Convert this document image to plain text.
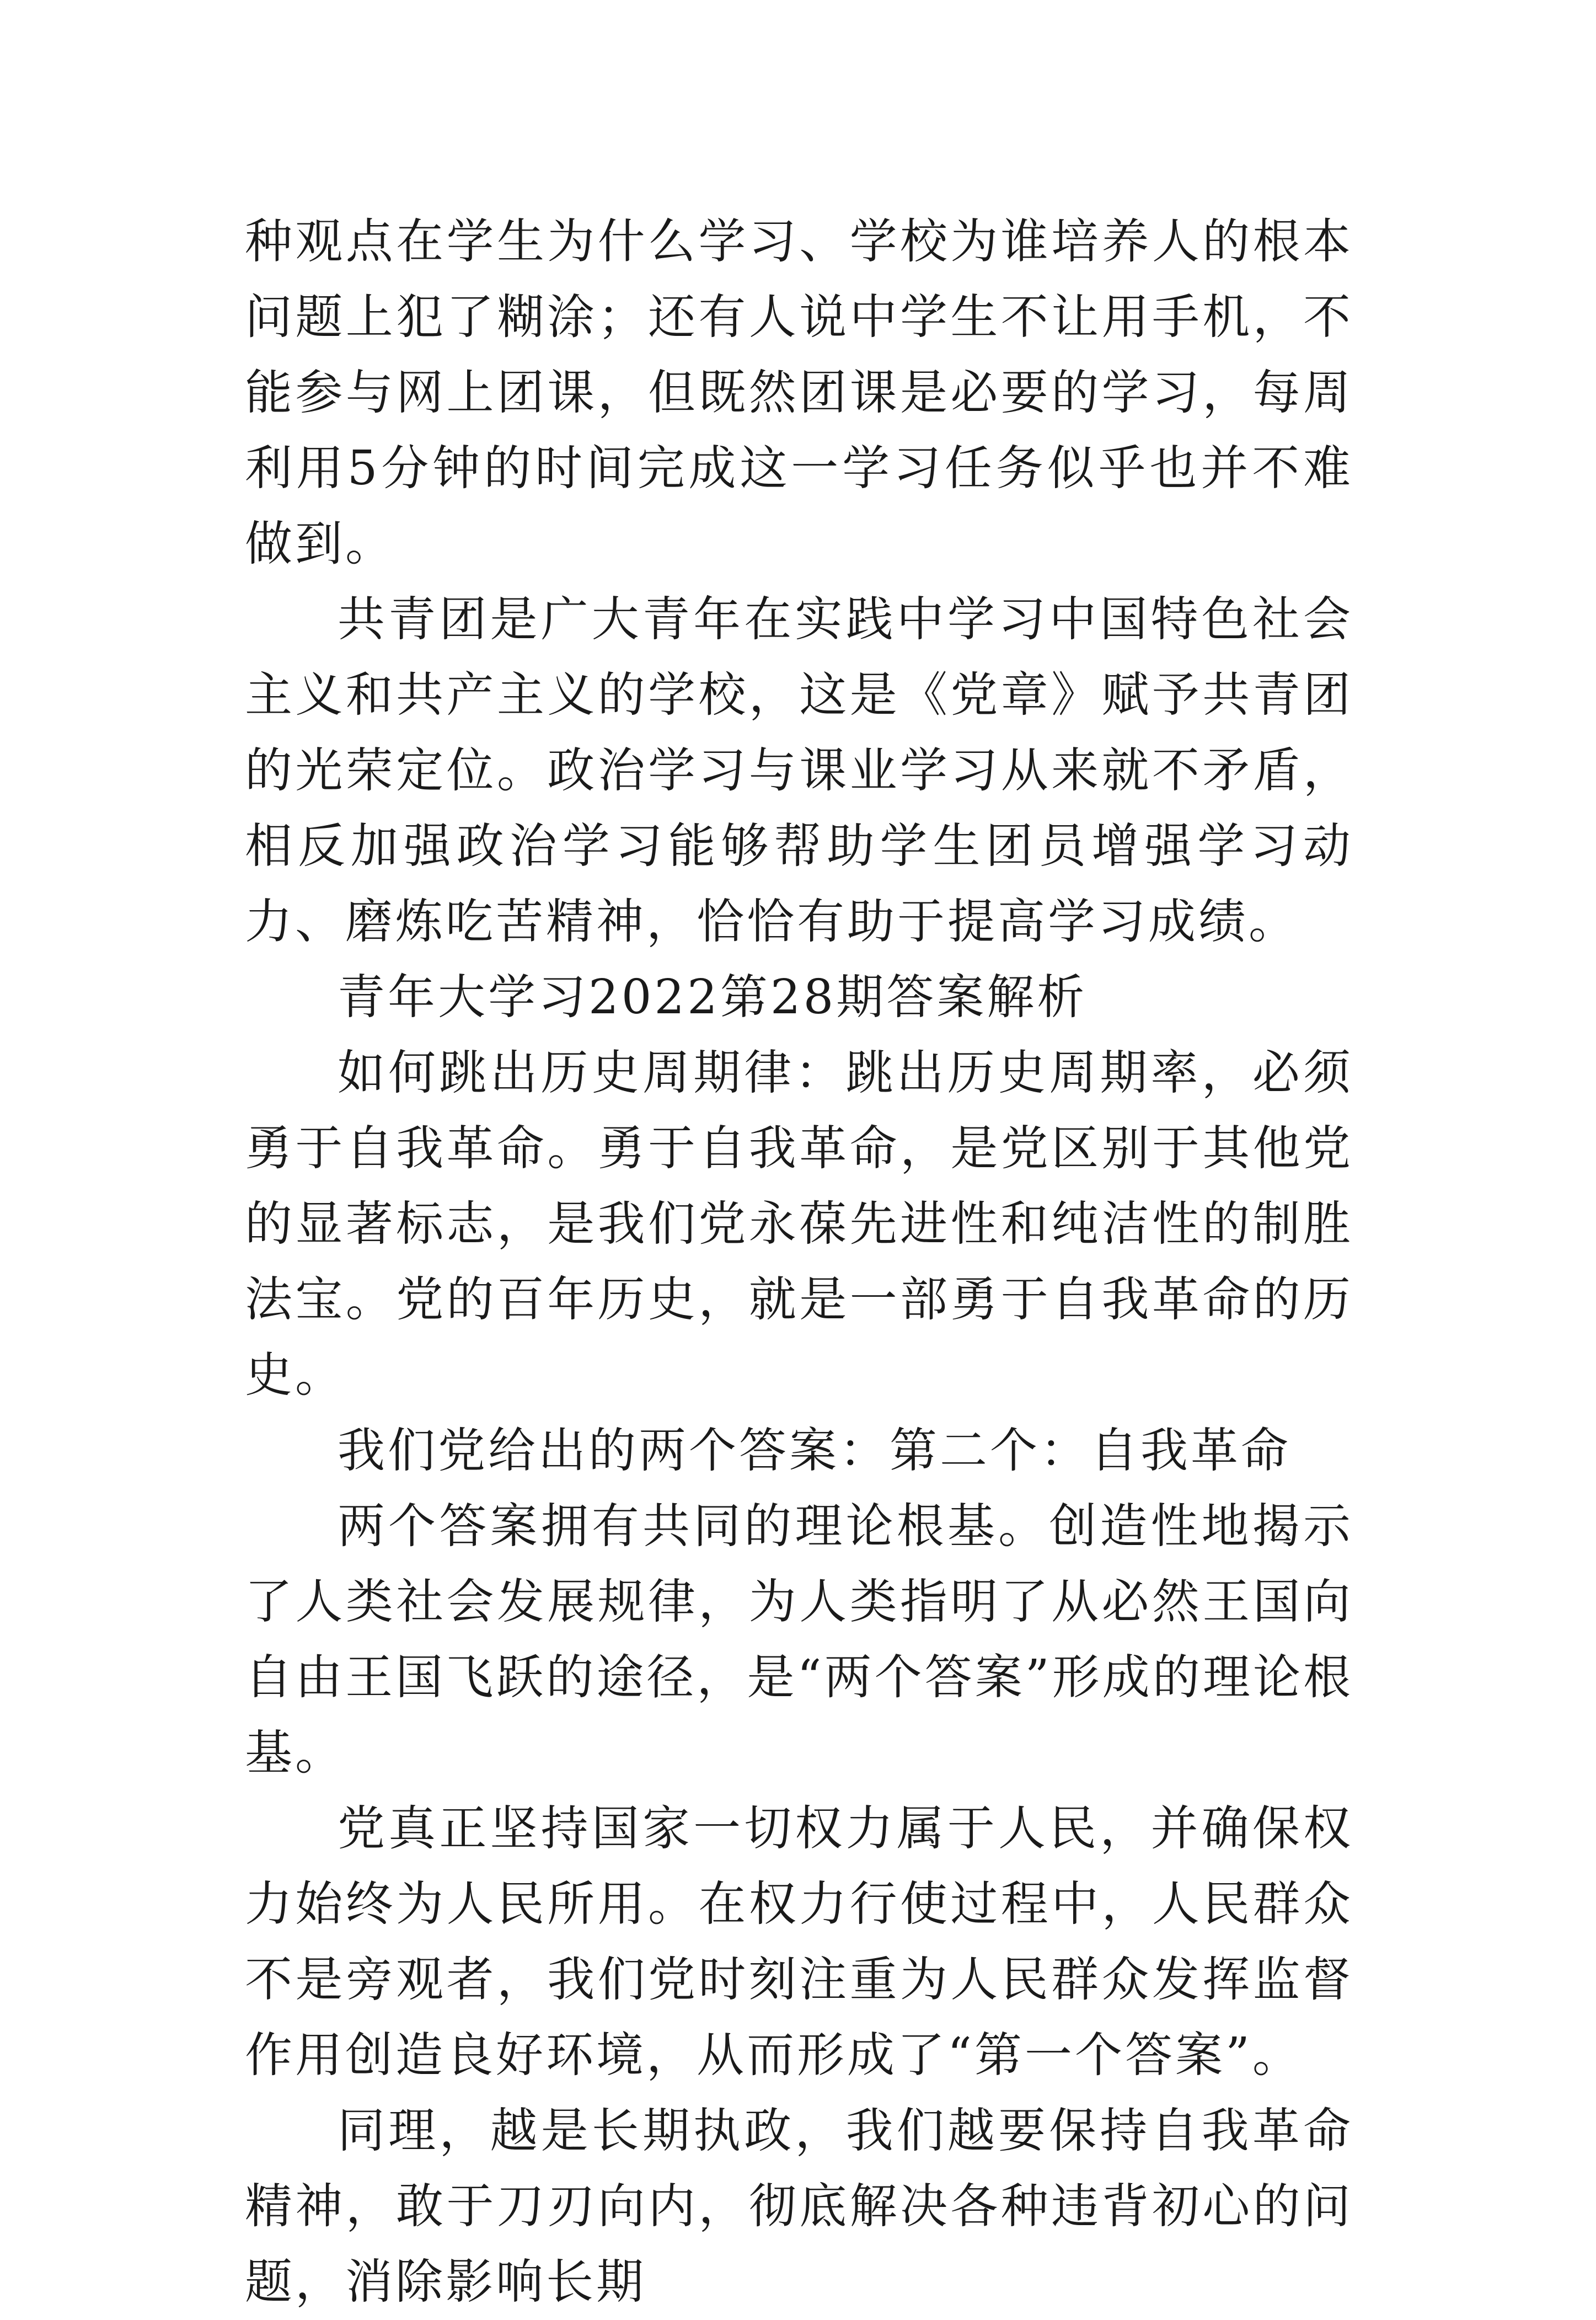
种观点在学生为什么学习、学校为谁培养人的根本问题上犯了糊涂；还有人说中学生不让用手机，不能参与网上团课，但既然团课是必要的学习，每周利用5分钟的时间完成这一学习任务似乎也并不难做到。

共青团是广大青年在实践中学习中国特色社会主义和共产主义的学校，这是《党章》赋予共青团的光荣定位。政治学习与课业学习从来就不矛盾，相反加强政治学习能够帮助学生团员增强学习动力、磨炼吃苦精神，恰恰有助于提高学习成绩。

青年大学习2022第28期答案解析

如何跳出历史周期律：跳出历史周期率，必须勇于自我革命。勇于自我革命，是党区别于其他党的显著标志，是我们党永葆先进性和纯洁性的制胜法宝。党的百年历史，就是一部勇于自我革命的历史。

我们党给出的两个答案：第二个：自我革命

两个答案拥有共同的理论根基。创造性地揭示了人类社会发展规律，为人类指明了从必然王国向自由王国飞跃的途径，是“两个答案”形成的理论根基。

党真正坚持国家一切权力属于人民，并确保权力始终为人民所用。在权力行使过程中，人民群众不是旁观者，我们党时刻注重为人民群众发挥监督作用创造良好环境，从而形成了“第一个答案”。

同理，越是长期执政，我们越要保持自我革命精神，敢于刀刃向内，彻底解决各种违背初心的问题，消除影响长期
